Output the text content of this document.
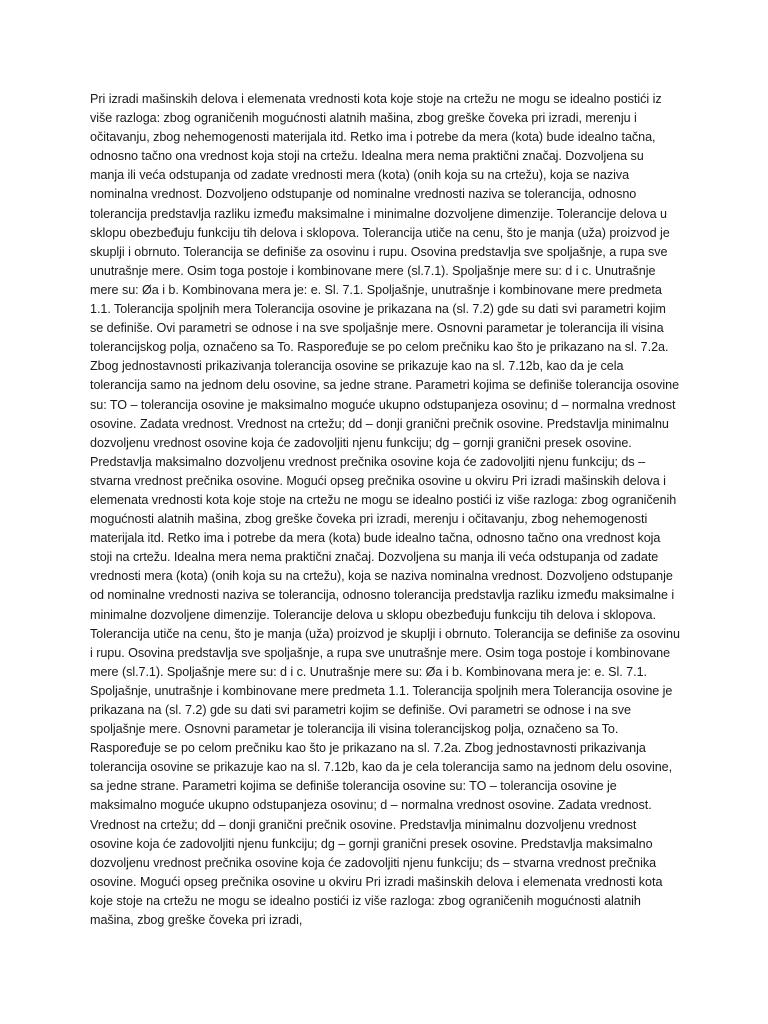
Pri izradi mašinskih delova i elemenata vrednosti kota koje stoje na crtežu ne mogu se idealno postići iz više razloga: zbog ograničenih mogućnosti alatnih mašina, zbog greške čoveka pri izradi, merenju i očitavanju, zbog nehemogenosti materijala itd. Retko ima i potrebe da mera (kota) bude idealno tačna, odnosno tačno ona vrednost koja stoji na crtežu. Idealna mera nema praktični značaj. Dozvoljena su manja ili veća odstupanja od zadate vrednosti mera (kota) (onih koja su na crtežu), koja se naziva nominalna vrednost. Dozvoljeno odstupanje od nominalne vrednosti naziva se tolerancija, odnosno tolerancija predstavlja razliku između maksimalne i minimalne dozvoljene dimenzije. Tolerancije delova u sklopu obezbeđuju funkciju tih delova i sklopova. Tolerancija utiče na cenu, što je manja (uža) proizvod je skuplji i obrnuto. Tolerancija se definiše za osovinu i rupu. Osovina predstavlja sve spoljašnje, a rupa sve unutrašnje mere. Osim toga postoje i kombinovane mere (sl.7.1). Spoljašnje mere su: d i c. Unutrašnje mere su: Øa i b. Kombinovana mera je: e. Sl. 7.1. Spoljašnje, unutrašnje i kombinovane mere predmeta 1.1. Tolerancija spoljnih mera Tolerancija osovine je prikazana na (sl. 7.2) gde su dati svi parametri kojim se definiše. Ovi parametri se odnose i na sve spoljašnje mere. Osnovni parametar je tolerancija ili visina tolerancijskog polja, označeno sa To. Raspoređuje se po celom prečniku kao što je prikazano na sl. 7.2a. Zbog jednostavnosti prikazivanja tolerancija osovine se prikazuje kao na sl. 7.12b, kao da je cela tolerancija samo na jednom delu osovine, sa jedne strane. Parametri kojima se definiše tolerancija osovine su: TO – tolerancija osovine je maksimalno moguće ukupno odstupanjeza osovinu; d – normalna vrednost osovine. Zadata vrednost. Vrednost na crtežu; dd – donji granični prečnik osovine. Predstavlja minimalnu dozvoljenu vrednost osovine koja će zadovoljiti njenu funkciju; dg – gornji granični presek osovine. Predstavlja maksimalno dozvoljenu vrednost prečnika osovine koja će zadovoljiti njenu funkciju; ds – stvarna vrednost prečnika osovine. Mogući opseg prečnika osovine u okviru Pri izradi mašinskih delova i elemenata vrednosti kota koje stoje na crtežu ne mogu se idealno postići iz više razloga: zbog ograničenih mogućnosti alatnih mašina, zbog greške čoveka pri izradi, merenju i očitavanju, zbog nehemogenosti materijala itd. Retko ima i potrebe da mera (kota) bude idealno tačna, odnosno tačno ona vrednost koja stoji na crtežu. Idealna mera nema praktični značaj. Dozvoljena su manja ili veća odstupanja od zadate vrednosti mera (kota) (onih koja su na crtežu), koja se naziva nominalna vrednost. Dozvoljeno odstupanje od nominalne vrednosti naziva se tolerancija, odnosno tolerancija predstavlja razliku između maksimalne i minimalne dozvoljene dimenzije. Tolerancije delova u sklopu obezbeđuju funkciju tih delova i sklopova. Tolerancija utiče na cenu, što je manja (uža) proizvod je skuplji i obrnuto. Tolerancija se definiše za osovinu i rupu. Osovina predstavlja sve spoljašnje, a rupa sve unutrašnje mere. Osim toga postoje i kombinovane mere (sl.7.1). Spoljašnje mere su: d i c. Unutrašnje mere su: Øa i b. Kombinovana mera je: e. Sl. 7.1. Spoljašnje, unutrašnje i kombinovane mere predmeta 1.1. Tolerancija spoljnih mera Tolerancija osovine je prikazana na (sl. 7.2) gde su dati svi parametri kojim se definiše. Ovi parametri se odnose i na sve spoljašnje mere. Osnovni parametar je tolerancija ili visina tolerancijskog polja, označeno sa To. Raspoređuje se po celom prečniku kao što je prikazano na sl. 7.2a. Zbog jednostavnosti prikazivanja tolerancija osovine se prikazuje kao na sl. 7.12b, kao da je cela tolerancija samo na jednom delu osovine, sa jedne strane. Parametri kojima se definiše tolerancija osovine su: TO – tolerancija osovine je maksimalno moguće ukupno odstupanjeza osovinu; d – normalna vrednost osovine. Zadata vrednost. Vrednost na crtežu; dd – donji granični prečnik osovine. Predstavlja minimalnu dozvoljenu vrednost osovine koja će zadovoljiti njenu funkciju; dg – gornji granični presek osovine. Predstavlja maksimalno dozvoljenu vrednost prečnika osovine koja će zadovoljiti njenu funkciju; ds – stvarna vrednost prečnika osovine. Mogući opseg prečnika osovine u okviru Pri izradi mašinskih delova i elemenata vrednosti kota koje stoje na crtežu ne mogu se idealno postići iz više razloga: zbog ograničenih mogućnosti alatnih mašina, zbog greške čoveka pri izradi,
